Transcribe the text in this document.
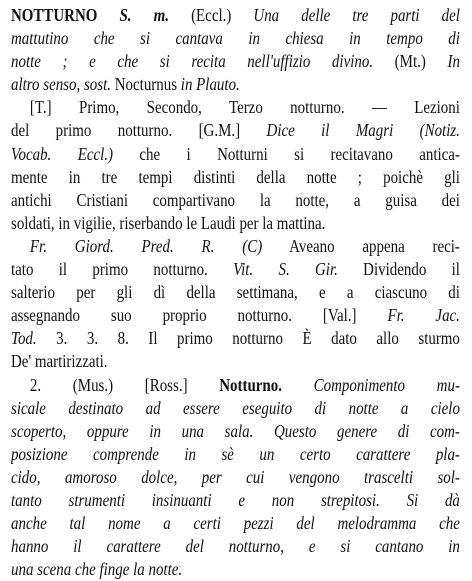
NOTTURNO S. m. (Eccl.) Una delle tre parti del
mattutino che si cantava in chiesa in tempo di
notte ; e che si recita nell'uffizio divino. (Mt.) In
altro senso, sost. Nocturnus in Plauto.
[T.] Primo, Secondo, Terzo notturno. — Lezioni
del primo notturno. [G.M.] Dice il Magri (Notiz.
Vocab. Eccl.) che i Notturni si recitavano antica-
mente in tre tempi distinti della notte ; poichè gli
antichi Cristiani compartivano la notte, a guisa dei
soldati, in vigilie, riserbando le Laudi per la mattina.
Fr. Giord. Pred. R. (C) Aveano appena reci-
tato il primo notturno. Vit. S. Gir. Dividendo il
salterio per gli dì della settimana, e a ciascuno di
assegnando suo proprio notturno. [Val.] Fr. Jac.
Tod. 3. 3. 8. Il primo notturno È dato allo sturmo
De' martirizzati.
2. (Mus.) [Ross.] Notturno. Componimento mu-
sicale destinato ad essere eseguito di notte a cielo
scoperto, oppure in una sala. Questo genere di com-
posizione comprende in sè un certo carattere pla-
cido, amoroso dolce, per cui vengono trascelti sol-
tanto strumenti insinuanti e non strepitosi. Si dà
anche tal nome a certi pezzi del melodramma che
hanno il carattere del notturno, e si cantano in
una scena che finge la notte.
